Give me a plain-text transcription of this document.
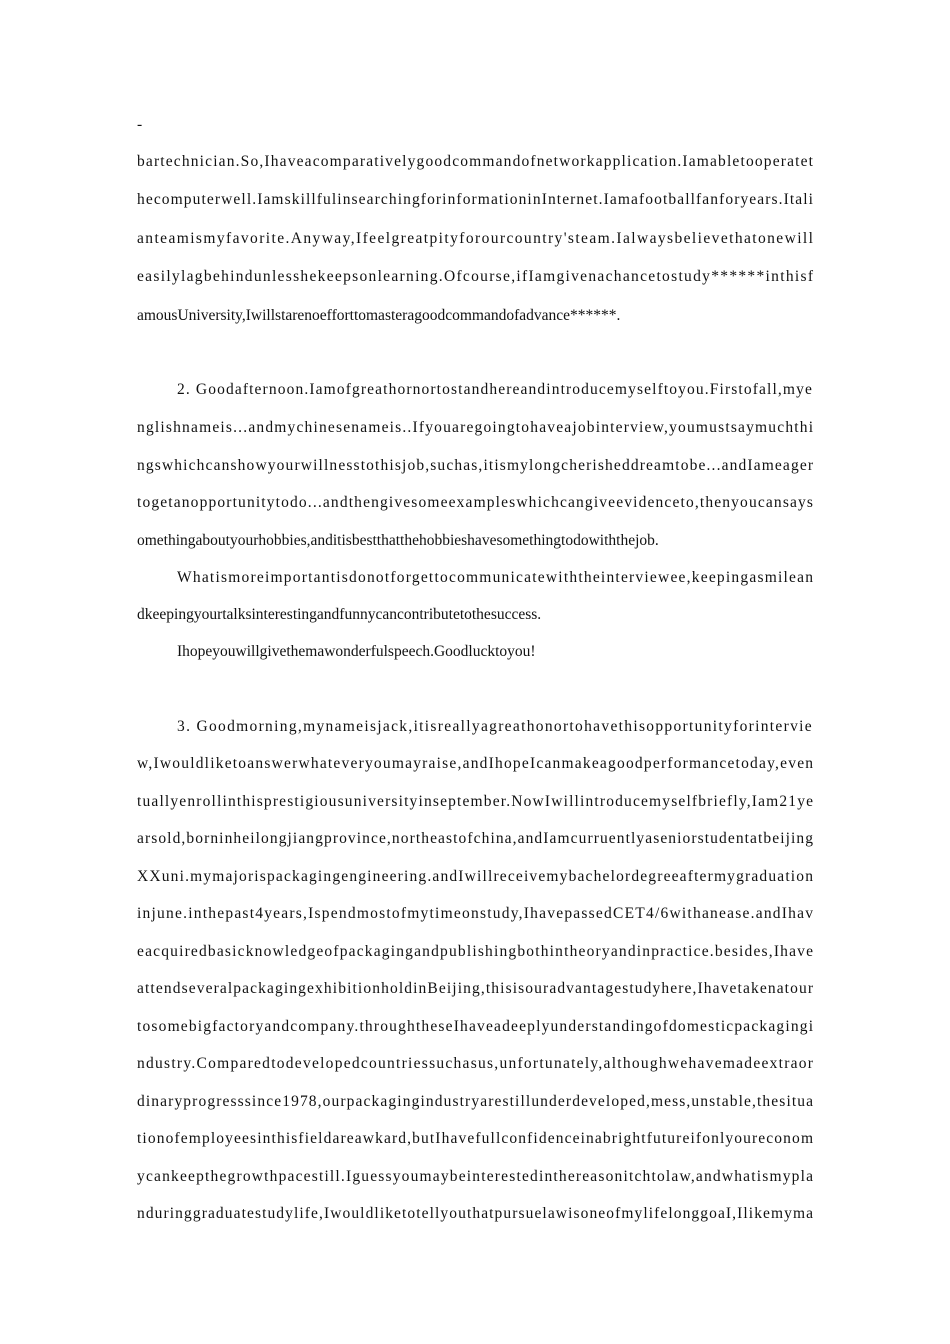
-
bartechnician.So,Ihaveacomparativelygoodcommandofnetworkapplication.Iamabletooperatet
hecomputerwell.IamskillfulinsearchingforinformationinInternet.Iamafootballfanforyears.Itali
anteamismyfavorite.Anyway,Ifeelgreatpityforourcountry'steam.Ialwaysbelievethatonewill
easilylagbehindunlesshekeepsonlearning.Ofcourse,ifIamgivenachancetostudy******inthisf
amousUniversity,Iwillstarenoefforttomasteragoodcommandofadvance******.
2. Goodafternoon.Iamofgreathornortostandhereandintroducemyselftoyou.Firstofall,mye
nglishnameis...andmychinesenameis..Ifyouaregoingtohaveajobinterview,youmustsaymuchthi
ngswhichcanshowyourwillnesstothisjob,suchas,itismylongcherisheddreamtobe...andIameager
togetanopportunitytodo...andthengivesomeexampleswhichcangiveevidenceto,thenyoucansays
omethingaboutyourhobbies,anditisbestthatthehobbieshavesomethingtodowiththejob.
Whatismoreimportantisdonotforgettocommunicatewiththeinterviewee,keepingasmilean
dkeepingyourtalksinterestingandfunnycancontributetothesuccess.
Ihopeyouwillgivethemawonderfulspeech.Goodlucktoyou!
3. Goodmorning,mynameisjack,itisreallyagreathonortohavethisopportunityforintervie
w,Iwouldliketoanswerwhateveryoumayraise,andIhopeIcanmakeagoodperformancetoday,even
tuallyenrollinthisprestigiousuniversityinseptember.NowIwillintroducemyselfbriefly,Iam21ye
arsold,borninheilongjiangprovince,northeastofchina,andIamcurruentlyaseniorstudentatbeijing
XXuni.mymajorispackagingengineering.andIwillreceivemybachelordegreeaftermygraduation
injune.inthepast4years,Ispendmostofmytimeonstudy,IhavepassedCET4/6withanease.andIhav
eacquiredbasicknowledgeofpackagingandpublishingbothintheoryandinpractice.besides,Ihave
attendseveralpackagingexhibitionholdinBeijing,thisisouradvantagestudyhere,Ihavetakenatour
tosomebigfactoryandcompany.throughtheseIhaveadeeplyunderstandingofdomesticpackagingi
ndustry.Comparedtodevelopedcountriessuchasus,unfortunately,althoughwehavemadeextraor
dinaryprogresssince1978,ourpackagingindustryarestillunderdeveloped,mess,unstable,thesitua
tionofemployeesinthisfieldareawkard,butIhavefullconfidenceinabrightfutureifonlyoureconom
ycankeepthegrowthpacestill.Iguessyoumaybeinterestedinthereasonitchtolaw,andwhatismypla
nduringgraduatestudylife,IwouldliketotellyouthatpursuelawisoneofmylifelonggoaI,Ilikemyma
